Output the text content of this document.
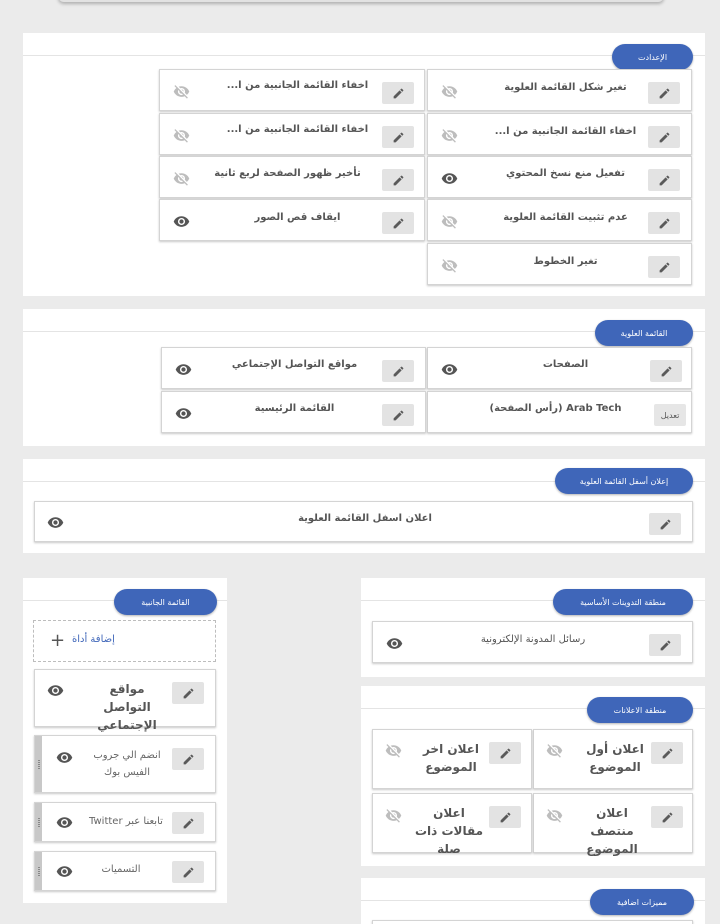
الإعدادت
تغير شكل القائمة العلوية
اخفاء القائمة الجانبية من ا...
تفعيل منع نسخ المحتوي
عدم تثبيت القائمة العلوية
تغير الخطوط
اخفاء القائمة الجانبية من ا...
اخفاء القائمة الجانبية من ا...
تأخير ظهور الصفحة لربع ثانية
ايقاف قص الصور
القائمة العلوية
الصفحات
تعديل
Arab Tech (رأس الصفحة)
مواقع التواصل الإجتماعي
القائمة الرئيسية
إعلان أسفل القائمة العلوية
اعلان اسفل القائمة العلوية
القائمة الجانبية
+ إضافة أداة
مواقع التواصل الإجتماعي
انضم الي جروب الفيس بوك
تابعنا عبر Twitter
التسميات
منطقة التدوينات الأساسية
رسائل المدونة الإلكترونية
منطقة الاعلانات
اعلان أول الموضوع
اعلان اخر الموضوع
اعلان منتصف الموضوع
اعلان مقالات ذات صلة
مميزات اضافية
